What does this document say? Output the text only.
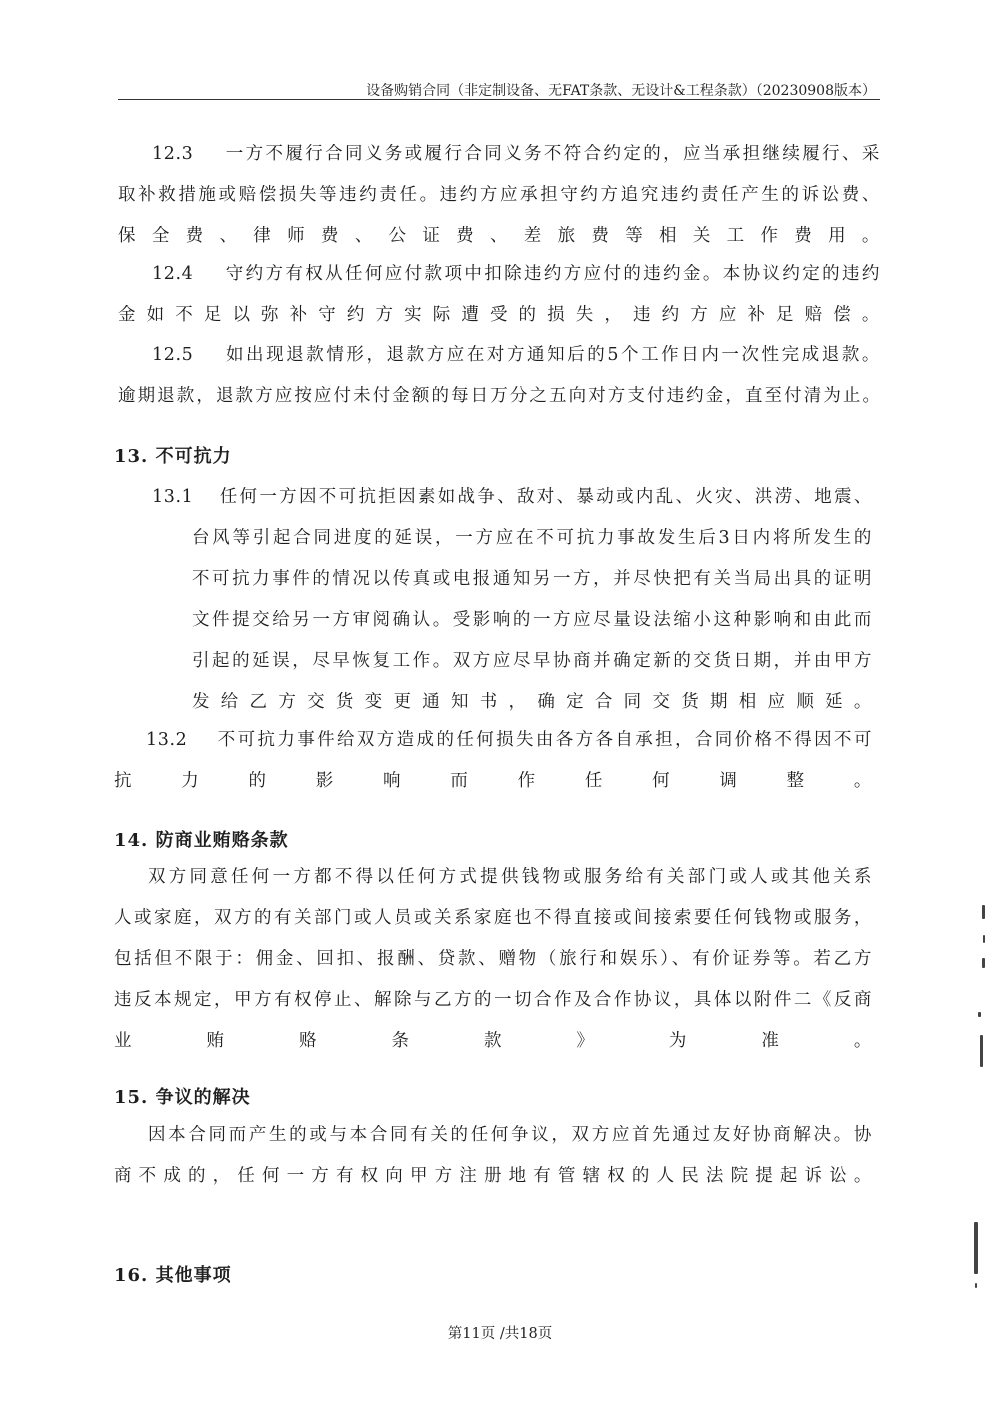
设备购销合同（非定制设备、无FAT条款、无设计&工程条款）（20230908版本）
12.3 一方不履行合同义务或履行合同义务不符合约定的，应当承担继续履行、采
取补救措施或赔偿损失等违约责任。违约方应承担守约方追究违约责任产生的诉讼费、
保全费、律师费、公证费、差旅费等相关工作费用。
12.4 守约方有权从任何应付款项中扣除违约方应付的违约金。本协议约定的违约
金如不足以弥补守约方实际遭受的损失，违约方应补足赔偿。
12.5 如出现退款情形，退款方应在对方通知后的5个工作日内一次性完成退款。
逾期退款，退款方应按应付未付金额的每日万分之五向对方支付违约金，直至付清为止。
13. 不可抗力
13.1 任何一方因不可抗拒因素如战争、敌对、暴动或内乱、火灾、洪涝、地震、
台风等引起合同进度的延误，一方应在不可抗力事故发生后3日内将所发生的
不可抗力事件的情况以传真或电报通知另一方，并尽快把有关当局出具的证明
文件提交给另一方审阅确认。受影响的一方应尽量设法缩小这种影响和由此而
引起的延误，尽早恢复工作。双方应尽早协商并确定新的交货日期，并由甲方
发给乙方交货变更通知书，确定合同交货期相应顺延。
13.2 不可抗力事件给双方造成的任何损失由各方各自承担，合同价格不得因不可
抗力的影响而作任何调整。
14. 防商业贿赂条款
双方同意任何一方都不得以任何方式提供钱物或服务给有关部门或人或其他关系
人或家庭，双方的有关部门或人员或关系家庭也不得直接或间接索要任何钱物或服务，
包括但不限于：佣金、回扣、报酬、贷款、赠物（旅行和娱乐）、有价证券等。若乙方
违反本规定，甲方有权停止、解除与乙方的一切合作及合作协议，具体以附件二《反商
业贿赂条款》为准。
15. 争议的解决
因本合同而产生的或与本合同有关的任何争议，双方应首先通过友好协商解决。协
商不成的，任何一方有权向甲方注册地有管辖权的人民法院提起诉讼。
16. 其他事项
第11页 /共18页
